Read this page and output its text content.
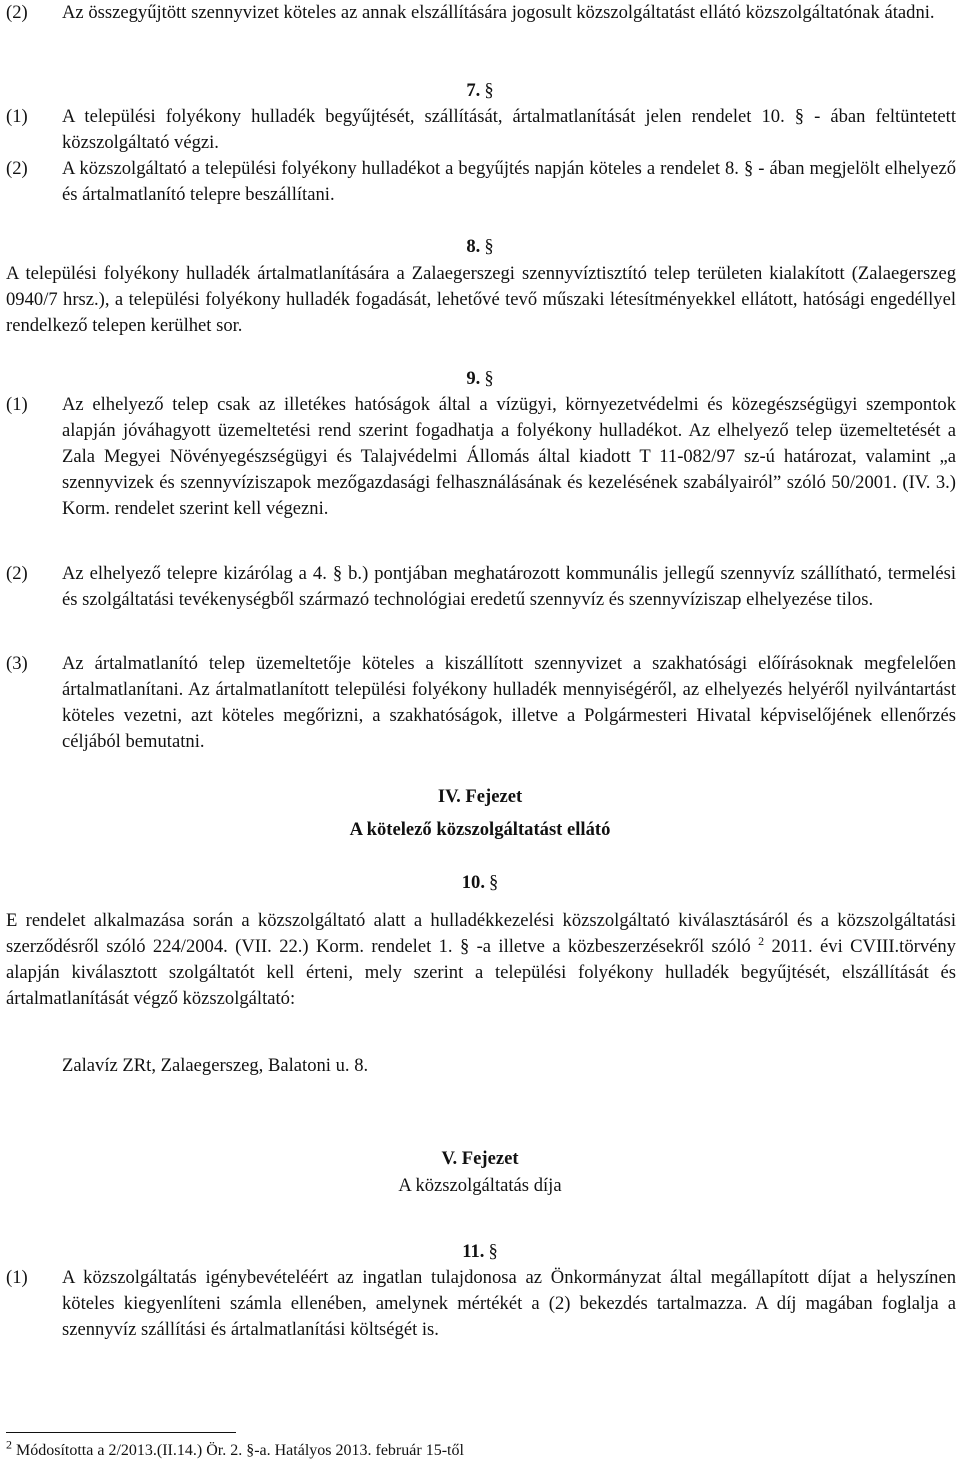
(2)	Az összegyűjtött szennyvizet köteles az annak elszállítására jogosult közszolgáltatást ellátó közszolgáltatónak átadni.
7. §
(1)	A települési folyékony hulladék begyűjtését, szállítását, ártalmatlanítását jelen rendelet 10. § - ában feltüntetett közszolgáltató végzi.
(2)	A közszolgáltató a települési folyékony hulladékot a begyűjtés napján köteles a rendelet 8. § - ában megjelölt elhelyező és ártalmatlanító telepre beszállítani.
8. §
A települési folyékony hulladék ártalmatlanítására a Zalaegerszegi szennyvíztisztító telep területen kialakított (Zalaegerszeg 0940/7 hrsz.), a települési folyékony hulladék fogadását, lehetővé tevő műszaki létesítményekkel ellátott, hatósági engedéllyel rendelkező telepen kerülhet sor.
9. §
(1)	Az elhelyező telep csak az illetékes hatóságok által a vízügyi, környezetvédelmi és közegészségügyi szempontok alapján jóváhagyott üzemeltetési rend szerint fogadhatja a folyékony hulladékot. Az elhelyező telep üzemeltetését a Zala Megyei Növényegészségügyi és Talajvédelmi Állomás által kiadott T 11-082/97 sz-ú határozat, valamint „a szennyvizek és szennyvíziszapok mezőgazdasági felhasználásának és kezelésének szabályairól” szóló 50/2001. (IV. 3.) Korm. rendelet szerint kell végezni.
(2)	Az elhelyező telepre kizárólag a 4. § b.) pontjában meghatározott kommunális jellegű szennyvíz szállítható, termelési és szolgáltatási tevékenységből származó technológiai eredetű szennyvíz és szennyvíziszap elhelyezése tilos.
(3)	Az ártalmatlanító telep üzemeltetője köteles a kiszállított szennyvizet a szakhatósági előírásoknak megfelelően ártalmatlanítani. Az ártalmatlanított települési folyékony hulladék mennyiségéről, az elhelyezés helyéről nyilvántartást köteles vezetni, azt köteles megőrizni, a szakhatóságok, illetve a Polgármesteri Hivatal képviselőjének ellenőrzés céljából bemutatni.
IV. Fejezet
A kötelező közszolgáltatást ellátó
10. §
E rendelet alkalmazása során a közszolgáltató alatt a hulladékkezelési közszolgáltató kiválasztásáról és a közszolgáltatási szerződésről szóló 224/2004. (VII. 22.) Korm. rendelet 1. § -a illetve a közbeszerzésekről szóló $^2$ 2011. évi CVIII.törvény alapján kiválasztott szolgáltatót kell érteni, mely szerint a települési folyékony hulladék begyűjtését, elszállítását és ártalmatlanítását végző közszolgáltató:
Zalavíz ZRt, Zalaegerszeg, Balatoni u. 8.
V. Fejezet
A közszolgáltatás díja
11. §
(1)	A közszolgáltatás igénybevételéért az ingatlan tulajdonosa az Önkormányzat által megállapított díjat a helyszínen köteles kiegyenlíteni számla ellenében, amelynek mértékét a (2) bekezdés tartalmazza. A díj magában foglalja a szennyvíz szállítási és ártalmatlanítási költségét is.
$^2$ Módosította a 2/2013.(II.14.) Ör. 2. §-a. Hatályos 2013. február 15-től
